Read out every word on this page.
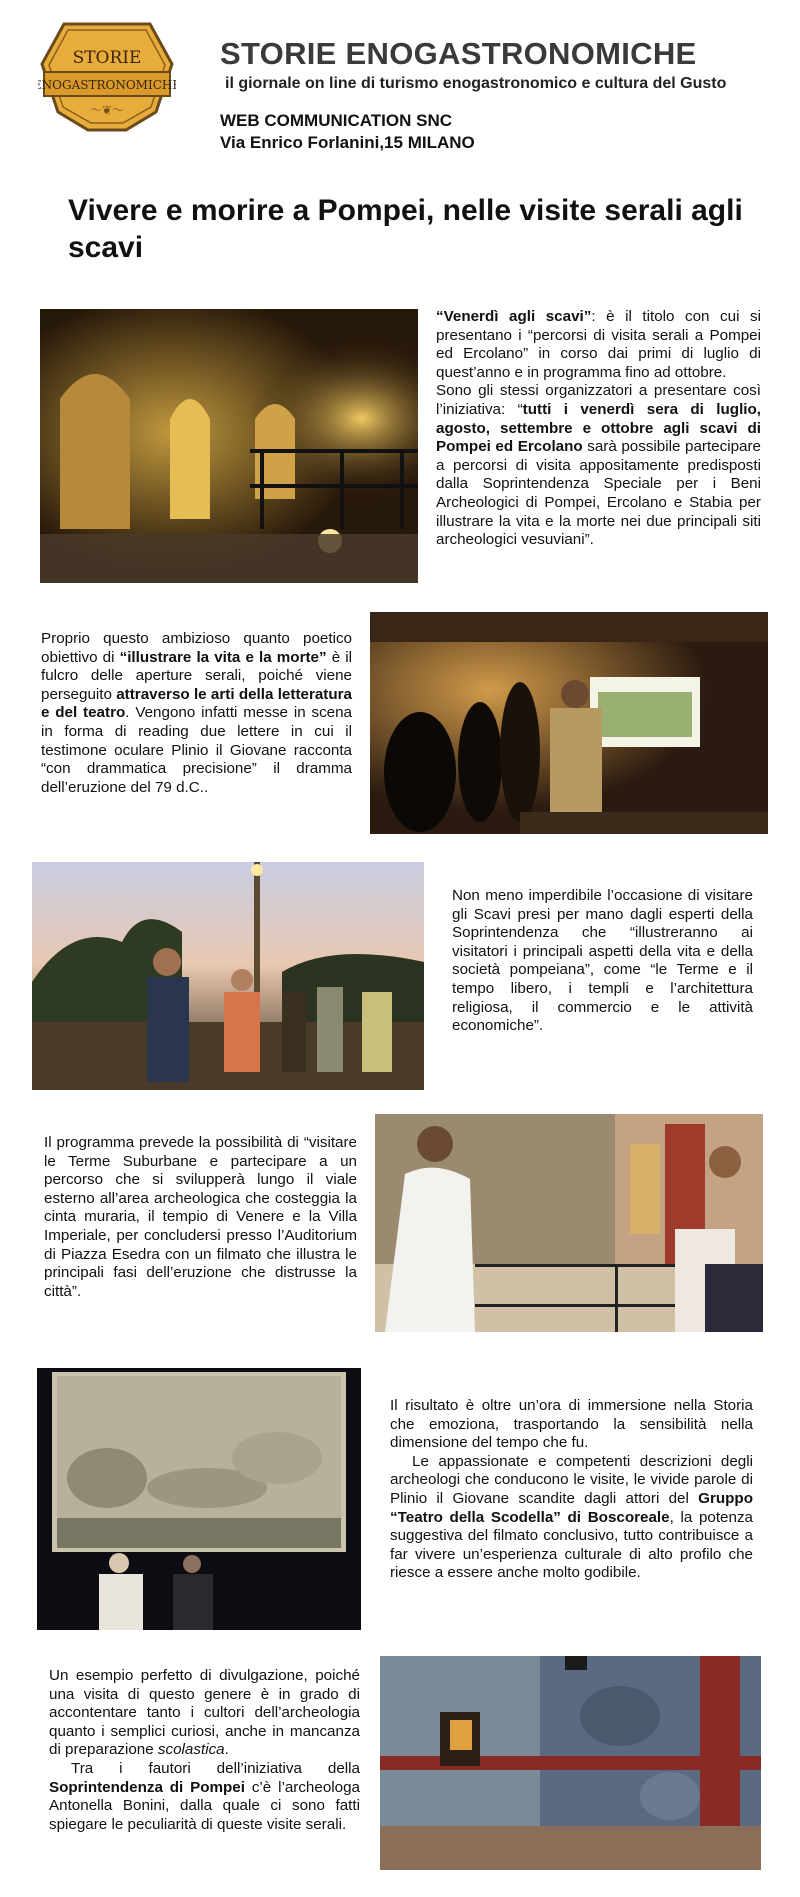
STORIE
ENOGASTRONOMICHE
〜❦〜
STORIE ENOGASTRONOMICHE
il giornale on line di turismo enogastronomico e cultura del Gusto
WEB COMMUNICATION SNC
Via Enrico Forlanini,15 MILANO
Vivere e morire a Pompei, nelle visite serali agli scavi

“Venerdì agli scavi”: è il titolo con cui si presentano i “percorsi di visita serali a Pompei ed Ercolano” in corso dai primi di luglio di quest’anno e in programma fino ad ottobre.

Sono gli stessi organizzatori a presentare così l’iniziativa: “tutti i venerdì sera di luglio, agosto, settembre e ottobre agli scavi di Pompei ed Ercolano sarà possibile partecipare a percorsi di visita appositamente predisposti dalla Soprintendenza Speciale per i Beni Archeologici di Pompei, Ercolano e Stabia per illustrare la vita e la morte nei due principali siti archeologici vesuviani”.

Proprio questo ambizioso quanto poetico obiettivo di “illustrare la vita e la morte” è il fulcro delle aperture serali, poiché viene perseguito attraverso le arti della letteratura e del teatro. Vengono infatti messe in scena in forma di reading due lettere in cui il testimone oculare Plinio il Giovane racconta “con drammatica precisione” il dramma dell’eruzione del 79 d.C..

Non meno imperdibile l’occasione di visitare gli Scavi presi per mano dagli esperti della Soprintendenza che “illustreranno ai visitatori i principali aspetti della vita e della società pompeiana”, come “le Terme e il tempo libero, i templi e l’architettura religiosa, il commercio e le attività economiche”.

Il programma prevede la possibilità di “visitare le Terme Suburbane e partecipare a un percorso che si svilupperà lungo il viale esterno all’area archeologica che costeggia la cinta muraria, il tempio di Venere e la Villa Imperiale, per concludersi presso l’Auditorium di Piazza Esedra con un filmato che illustra le principali fasi dell’eruzione che distrusse la città”.

Il risultato è oltre un’ora di immersione nella Storia che emoziona, trasportando la sensibilità nella dimensione del tempo che fu.

Le appassionate e competenti descrizioni degli archeologi che conducono le visite, le vivide parole di Plinio il Giovane scandite dagli attori del Gruppo “Teatro della Scodella” di Boscoreale, la potenza suggestiva del filmato conclusivo, tutto contribuisce a far vivere un’esperienza culturale di alto profilo che riesce a essere anche molto godibile.

Un esempio perfetto di divulgazione, poiché una visita di questo genere è in grado di accontentare tanto i cultori dell’archeologia quanto i semplici curiosi, anche in mancanza di preparazione scolastica.

Tra i fautori dell’iniziativa della Soprintendenza di Pompei c’è l’archeologa Antonella Bonini, dalla quale ci sono fatti spiegare le peculiarità di queste visite serali.
